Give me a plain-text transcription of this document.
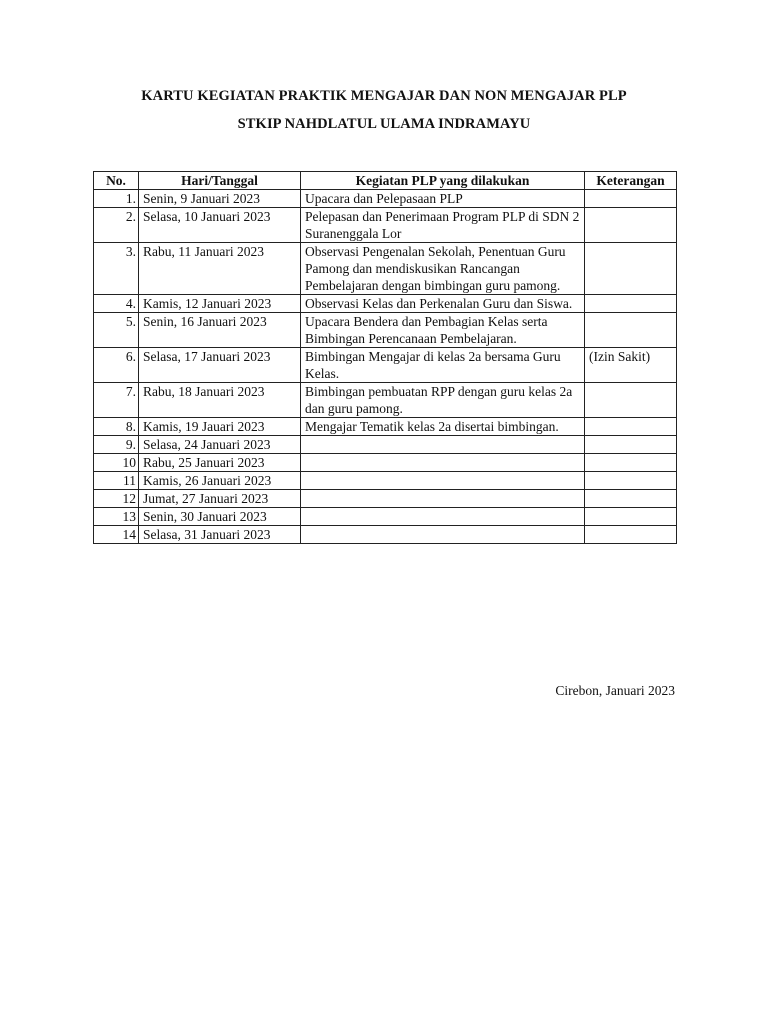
KARTU KEGIATAN PRAKTIK MENGAJAR DAN NON MENGAJAR PLP
STKIP NAHDLATUL ULAMA INDRAMAYU
No.	Hari/Tanggal	Kegiatan PLP yang dilakukan	Keterangan
1.	Senin, 9 Januari 2023	Upacara dan Pelepasaan PLP	
2.	Selasa, 10 Januari 2023	Pelepasan dan Penerimaan Program PLP di SDN 2 Suranenggala Lor	
3.	Rabu, 11 Januari 2023	Observasi Pengenalan Sekolah, Penentuan Guru Pamong dan mendiskusikan Rancangan Pembelajaran dengan bimbingan guru pamong.	
4.	Kamis, 12 Januari 2023	Observasi Kelas dan Perkenalan Guru dan Siswa.	
5.	Senin, 16 Januari 2023	Upacara Bendera dan Pembagian Kelas serta Bimbingan Perencanaan Pembelajaran.	
6.	Selasa, 17 Januari 2023	Bimbingan Mengajar di kelas 2a bersama Guru Kelas.	(Izin Sakit)
7.	Rabu, 18 Januari 2023	Bimbingan pembuatan RPP dengan guru kelas 2a dan guru pamong.	
8.	Kamis, 19 Jauari 2023	Mengajar Tematik kelas 2a disertai bimbingan.	
9.	Selasa, 24 Januari 2023		
10	Rabu, 25 Januari 2023		
11	Kamis, 26 Januari 2023		
12	Jumat, 27 Januari 2023		
13	Senin, 30 Januari 2023		
14	Selasa, 31 Januari 2023		
Cirebon, Januari 2023
